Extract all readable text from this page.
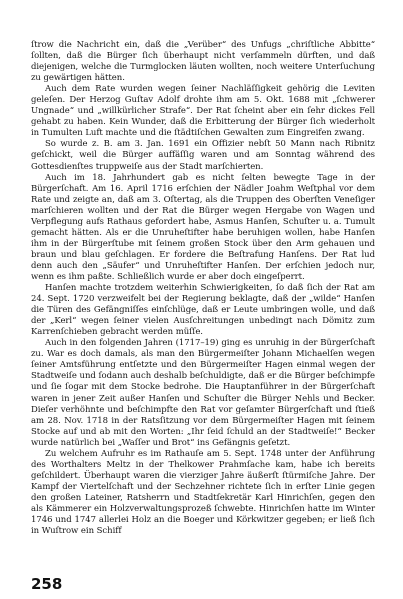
ſtrow die Nachricht ein, daß die „Verüber“ des Unfugs „chriſtliche Abbitte“ ſollten, daß die Bürger ſich überhaupt nicht verſammeln dürften, und daß diejenigen, welche die Turmglocken läuten wollten, noch weitere Unterſuchung zu gewärtigen hätten.

Auch dem Rate wurden wegen ſeiner Nachläſſigkeit gehörig die Leviten geleſen. Der Herzog Guſtav Adolf drohte ihm am 5. Okt. 1688 mit „ſchwerer Ungnade“ und „willkürlicher Strafe“. Der Rat ſcheint aber ein ſehr dickes Fell gehabt zu haben. Kein Wunder, daß die Erbitterung der Bürger ſich wiederholt in Tumulten Luft machte und die ſtädtiſchen Gewalten zum Eingreifen zwang.

So wurde z. B. am 3. Jan. 1691 ein Offizier nebſt 50 Mann nach Ribnitz geſchickt, weil die Bürger auffäſſig waren und am Sonntag während des Gottesdienſtes truppweiſe aus der Stadt marſchierten.

Auch im 18. Jahrhundert gab es nicht ſelten bewegte Tage in der Bürgerſchaft. Am 16. April 1716 erſchien der Nädler Joahm Weſtphal vor dem Rate und zeigte an, daß am 3. Oſtertag, als die Truppen des Oberſten Veneſiger marſchieren wollten und der Rat die Bürger wegen Hergabe von Wagen und Verpflegung aufs Rathaus gefordert habe, Asmus Hanſen, Schuſter u. a. Tumult gemacht hätten. Als er die Unruheſtifter habe beruhigen wollen, habe Hanſen ihm in der Bürgerſtube mit ſeinem großen Stock über den Arm gehauen und braun und blau geſchlagen. Er fordere die Beſtrafung Hanſens. Der Rat lud denn auch den „Säufer“ und Unruheſtifter Hanſen. Der erſchien jedoch nur, wenn es ihm paßte. Schließlich wurde er aber doch eingeſperrt.

Hanſen machte trotzdem weiterhin Schwierigkeiten, ſo daß ſich der Rat am 24. Sept. 1720 verzweifelt bei der Regierung beklagte, daß der „wilde“ Hanſen die Türen des Gefängniſſes einſchlüge, daß er Leute umbringen wolle, und daß der „Kerl“ wegen ſeiner vielen Ausſchreitungen unbedingt nach Dömitz zum Karrenſchieben gebracht werden müſſe.

Auch in den folgenden Jahren (1717–19) ging es unruhig in der Bürgerſchaft zu. War es doch damals, als man den Bürgermeiſter Johann Michaelſen wegen ſeiner Amtsführung entſetzte und den Bürgermeiſter Hagen einmal wegen der Stadtweiſe und ſodann auch deshalb beſchuldigte, daß er die Bürger beſchimpfe und ſie ſogar mit dem Stocke bedrohe. Die Hauptanführer in der Bürgerſchaft waren in jener Zeit außer Hanſen und Schuſter die Bürger Nehls und Becker. Dieſer verhöhnte und beſchimpfte den Rat vor geſamter Bürgerſchaft und ſtieß am 28. Nov. 1718 in der Ratsſitzung vor dem Bürgermeiſter Hagen mit ſeinem Stocke auf und ab mit den Worten: „Ihr ſeid ſchuld an der Stadtweiſe!“ Becker wurde natürlich bei „Waſſer und Brot“ ins Gefängnis geſetzt.

Zu welchem Aufruhr es im Rathauſe am 5. Sept. 1748 unter der Anführung des Worthalters Meltz in der Thelkower Prahmſache kam, habe ich bereits geſchildert. Überhaupt waren die vierziger Jahre äußerſt ſtürmiſche Jahre. Der Kampf der Viertelſchaft und der Sechzehner richtete ſich in erſter Linie gegen den großen Lateiner, Ratsherrn und Stadtſekretär Karl Hinrichſen, gegen den als Kämmerer ein Holzverwaltungsprozeß ſchwebte. Hinrichſen hatte im Winter 1746 und 1747 allerlei Holz an die Boeger und Körkwitzer gegeben; er ließ ſich in Wuſtrow ein Schiff

258
